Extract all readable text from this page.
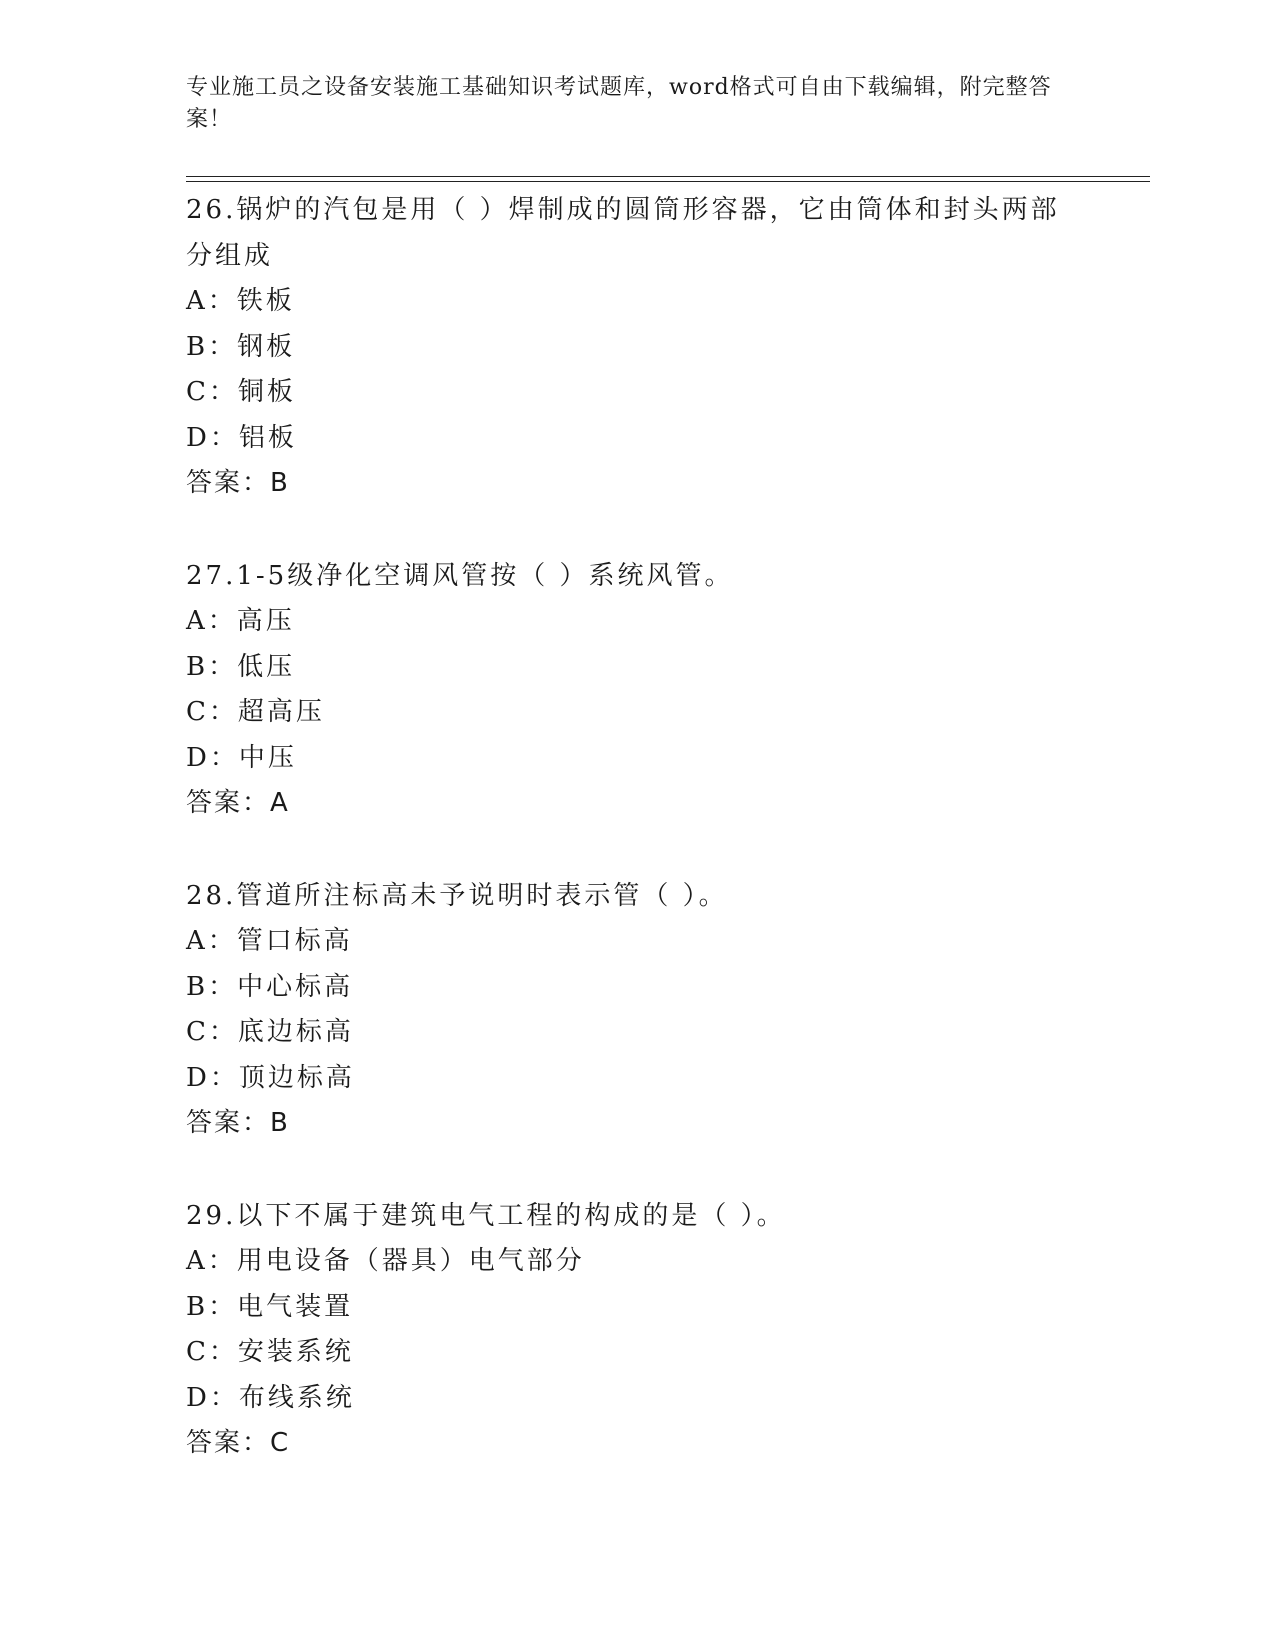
专业施工员之设备安装施工基础知识考试题库，word格式可自由下载编辑，附完整答案！
26.锅炉的汽包是用（ ）焊制成的圆筒形容器，它由筒体和封头两部分组成
A：铁板
B：钢板
C：铜板
D：铝板
答案：B
27.1-5级净化空调风管按（ ）系统风管。
A：高压
B：低压
C：超高压
D：中压
答案：A
28.管道所注标高未予说明时表示管（ ）。
A：管口标高
B：中心标高
C：底边标高
D：顶边标高
答案：B
29.以下不属于建筑电气工程的构成的是（ ）。
A：用电设备（器具）电气部分
B：电气装置
C：安装系统
D：布线系统
答案：C
